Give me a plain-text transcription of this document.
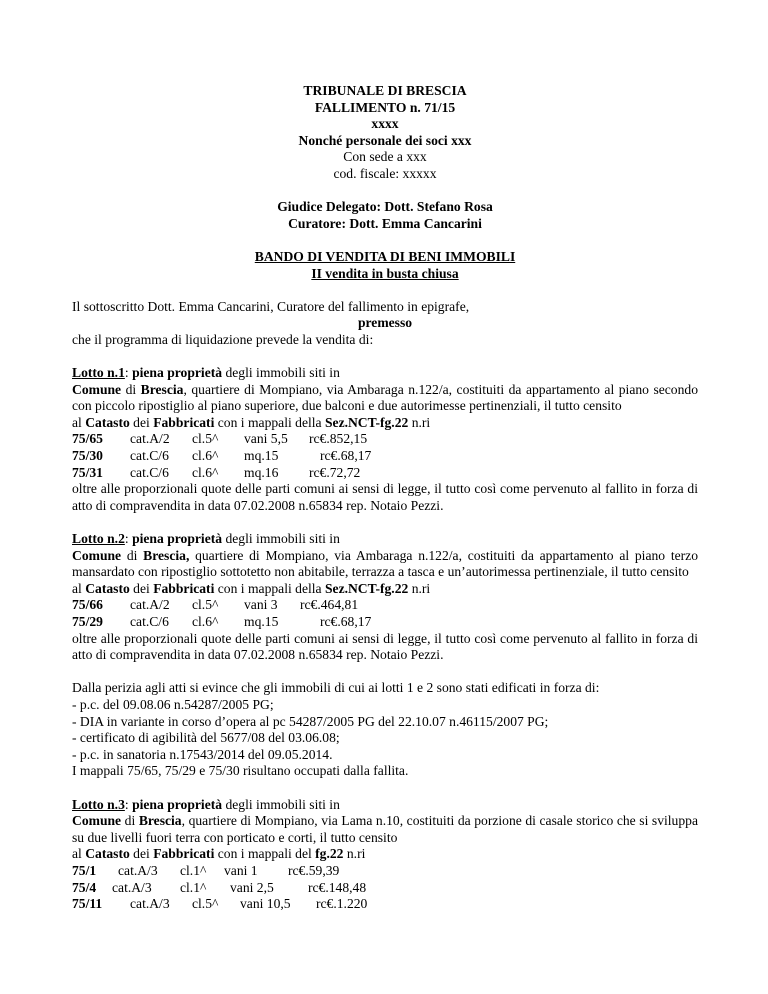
TRIBUNALE DI BRESCIA
FALLIMENTO n. 71/15
xxxx
Nonché personale dei soci xxx
Con sede a xxx
cod. fiscale: xxxxx
Giudice Delegato: Dott. Stefano Rosa
Curatore: Dott. Emma Cancarini
BANDO DI VENDITA DI BENI IMMOBILI
II vendita in busta chiusa
Il sottoscritto Dott. Emma Cancarini, Curatore del fallimento in epigrafe,
premesso
che il programma di liquidazione prevede la vendita di:
Lotto n.1: piena proprietà degli immobili siti in
Comune di Brescia, quartiere di Mompiano, via Ambaraga n.122/a, costituiti da appartamento al piano secondo con piccolo ripostiglio al piano superiore, due balconi e due autorimesse pertinenziali, il tutto censito
al Catasto dei Fabbricati con i mappali della Sez.NCT-fg.22 n.ri
75/65 cat.A/2 cl.5^ vani 5,5 rc€.852,15
75/30 cat.C/6 cl.6^ mq.15	rc€.68,17
75/31 cat.C/6 cl.6^ mq.16 rc€.72,72
oltre alle proporzionali quote delle parti comuni ai sensi di legge, il tutto così come pervenuto al fallito in forza di atto di compravendita in data 07.02.2008 n.65834 rep. Notaio Pezzi.
Lotto n.2: piena proprietà degli immobili siti in
Comune di Brescia, quartiere di Mompiano, via Ambaraga n.122/a, costituiti da appartamento al piano terzo mansardato con ripostiglio sottotetto non abitabile, terrazza a tasca e un’autorimessa pertinenziale, il tutto censito
al Catasto dei Fabbricati con i mappali della Sez.NCT-fg.22 n.ri
75/66 cat.A/2 cl.5^ vani 3 rc€.464,81
75/29 cat.C/6 cl.6^ mq.15	rc€.68,17
oltre alle proporzionali quote delle parti comuni ai sensi di legge, il tutto così come pervenuto al fallito in forza di atto di compravendita in data 07.02.2008 n.65834 rep. Notaio Pezzi.
Dalla perizia agli atti si evince che gli immobili di cui ai lotti 1 e 2 sono stati edificati in forza di:
- p.c. del 09.08.06 n.54287/2005 PG;
- DIA in variante in corso d’opera al pc 54287/2005 PG del 22.10.07 n.46115/2007 PG;
- certificato di agibilità del 5677/08 del 03.06.08;
- p.c. in sanatoria n.17543/2014 del 09.05.2014.
I mappali 75/65, 75/29 e 75/30 risultano occupati dalla fallita.
Lotto n.3: piena proprietà degli immobili siti in
Comune di Brescia, quartiere di Mompiano, via Lama n.10, costituiti da porzione di casale storico che si sviluppa su due livelli fuori terra con porticato e corti, il tutto censito
al Catasto dei Fabbricati con i mappali del fg.22 n.ri
75/1 cat.A/3 cl.1^ vani 1 rc€.59,39
75/4 cat.A/3 cl.1^ vani 2,5	rc€.148,48
75/11 cat.A/3 cl.5^ vani 10,5 rc€.1.220
